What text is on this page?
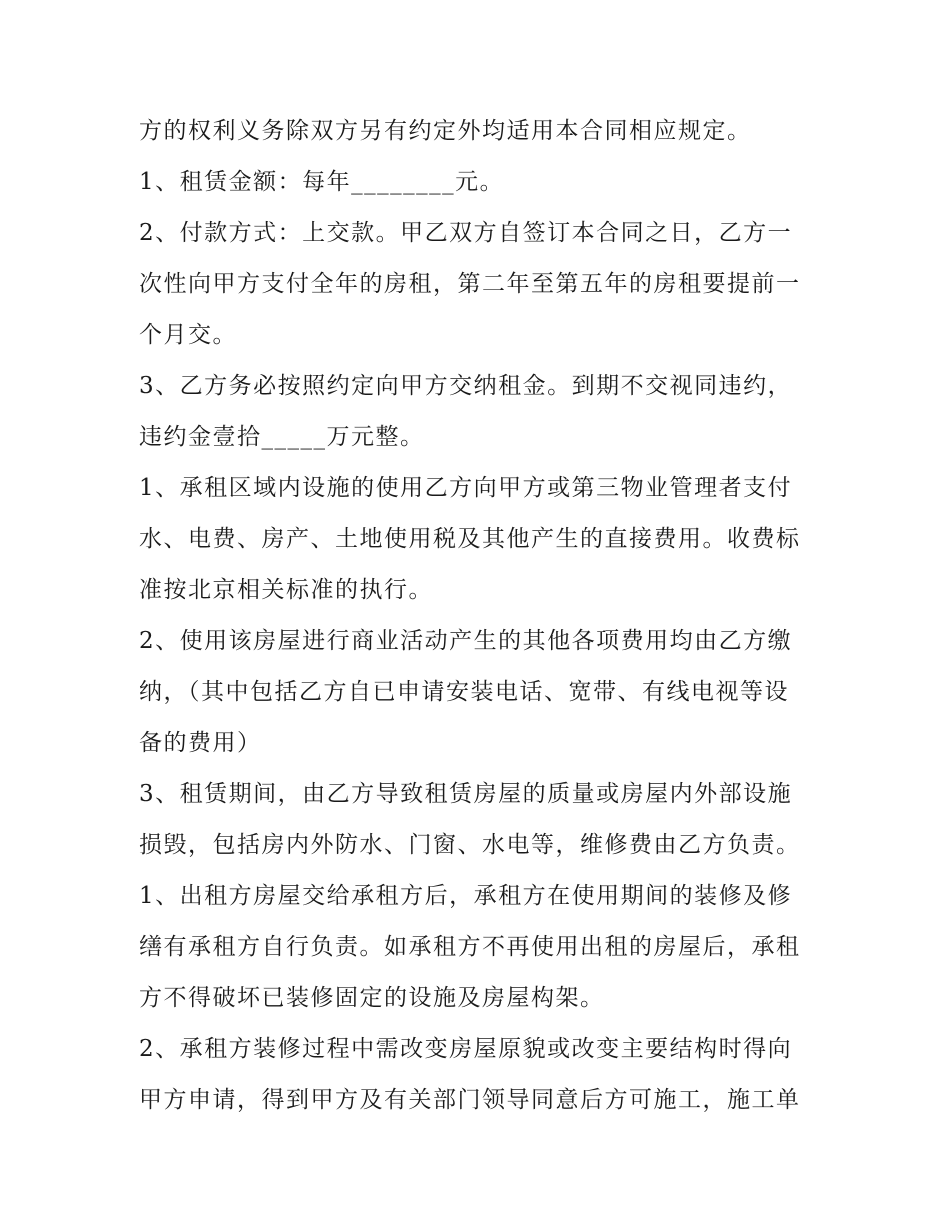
方的权利义务除双方另有约定外均适用本合同相应规定。
1、租赁金额：每年________元。
2、付款方式：上交款。甲乙双方自签订本合同之日，乙方一
次性向甲方支付全年的房租，第二年至第五年的房租要提前一
个月交。
3、乙方务必按照约定向甲方交纳租金。到期不交视同违约，
违约金壹拾_____万元整。
1、承租区域内设施的使用乙方向甲方或第三物业管理者支付
水、电费、房产、土地使用税及其他产生的直接费用。收费标
准按北京相关标准的执行。
2、使用该房屋进行商业活动产生的其他各项费用均由乙方缴
纳，（其中包括乙方自已申请安装电话、宽带、有线电视等设
备的费用）
3、租赁期间，由乙方导致租赁房屋的质量或房屋内外部设施
损毁，包括房内外防水、门窗、水电等，维修费由乙方负责。
1、出租方房屋交给承租方后，承租方在使用期间的装修及修
缮有承租方自行负责。如承租方不再使用出租的房屋后，承租
方不得破坏已装修固定的设施及房屋构架。
2、承租方装修过程中需改变房屋原貌或改变主要结构时得向
甲方申请，得到甲方及有关部门领导同意后方可施工，施工单
